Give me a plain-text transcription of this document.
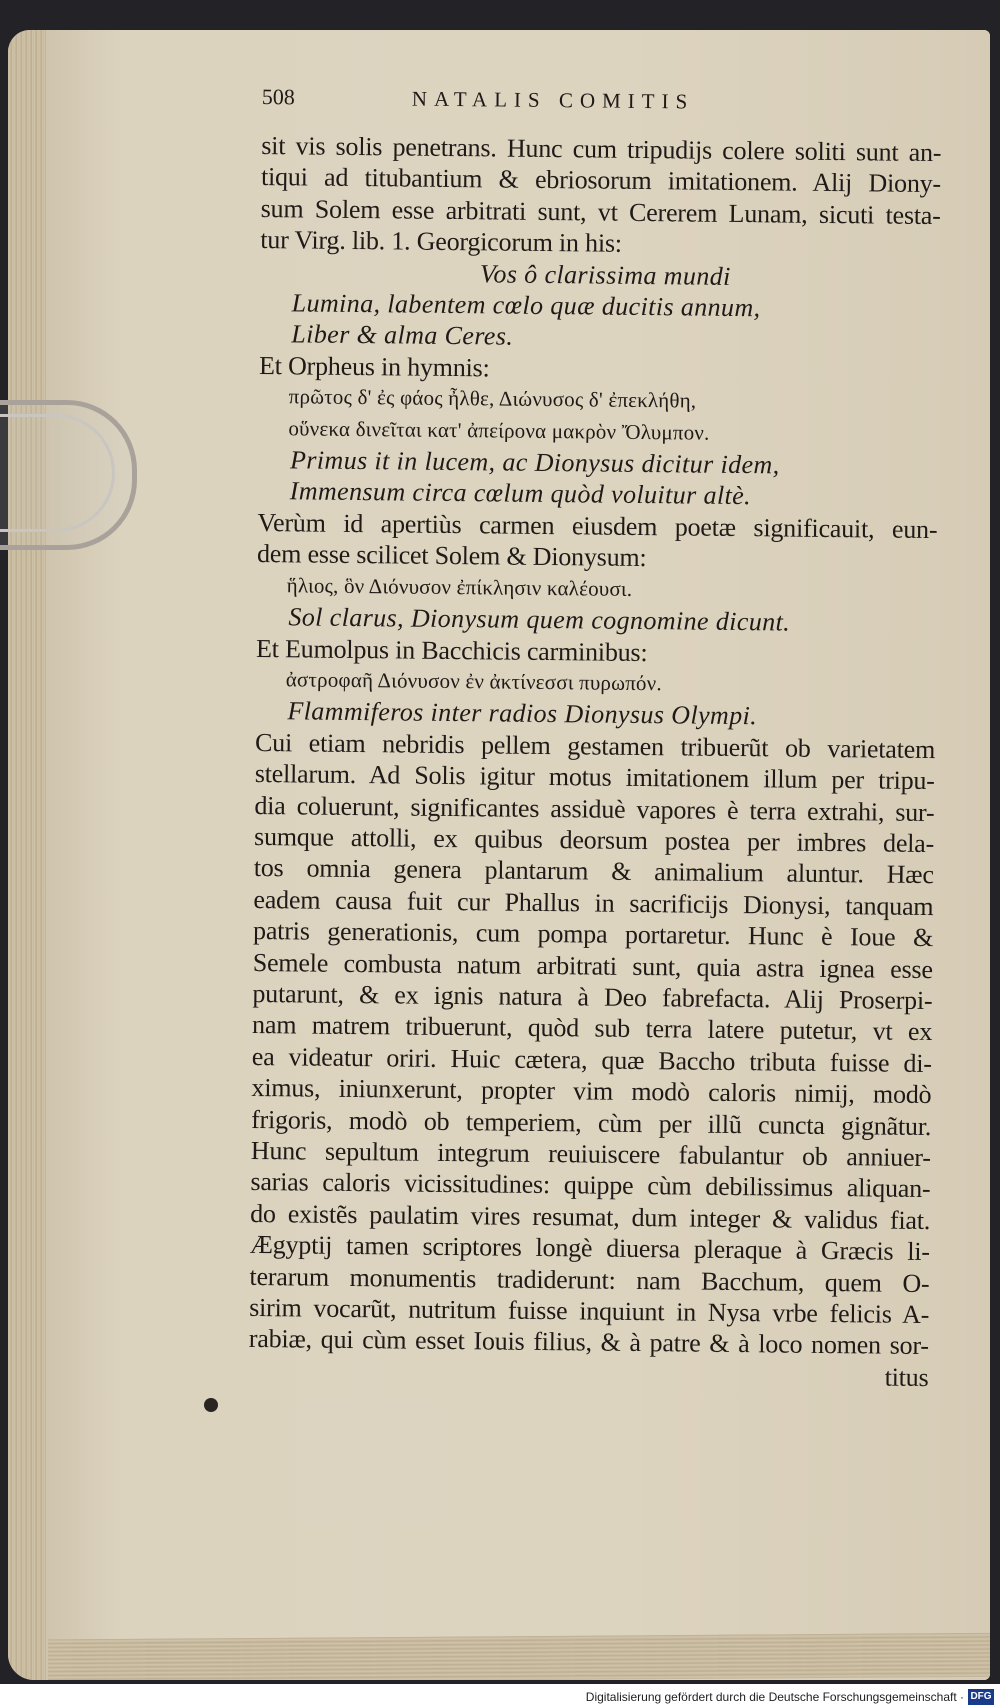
508	NATALIS COMITIS
sit vis solis penetrans. Hunc cum tripudijs colere soliti sunt an-
tiqui ad titubantium & ebriosorum imitationem. Alij Diony-
sum Solem esse arbitrati sunt, vt Cererem Lunam, sicuti testa-
tur Virg. lib. 1. Georgicorum in his:
Vos ô clarissima mundi
Lumina, labentem cœlo quæ ducitis annum,
Liber & alma Ceres.
Et Orpheus in hymnis:
πρῶτος δ' ἐς φάος ἦλθε, Διώνυσος δ' ἐπεκλήθη,
οὕνεκα δινεῖται κατ' ἀπείρονα μακρὸν Ὄλυμπον.
Primus it in lucem, ac Dionysus dicitur idem,
Immensum circa cœlum quòd voluitur altè.
Verùm id apertiùs carmen eiusdem poetæ significauit, eun-
dem esse scilicet Solem & Dionysum:
ἥλιος, ὃν Διόνυσον ἐπίκλησιν καλέουσι.
Sol clarus, Dionysum quem cognomine dicunt.
Et Eumolpus in Bacchicis carminibus:
ἀστροφαῆ Διόνυσον ἐν ἀκτίνεσσι πυρωπόν.
Flammiferos inter radios Dionysus Olympi.
Cui etiam nebridis pellem gestamen tribuerũt ob varietatem
stellarum. Ad Solis igitur motus imitationem illum per tripu-
dia coluerunt, significantes assiduè vapores è terra extrahi, sur-
sumque attolli, ex quibus deorsum postea per imbres dela-
tos omnia genera plantarum & animalium aluntur. Hæc
eadem causa fuit cur Phallus in sacrificijs Dionysi, tanquam
patris generationis, cum pompa portaretur. Hunc è Ioue &
Semele combusta natum arbitrati sunt, quia astra ignea esse
putarunt, & ex ignis natura à Deo fabrefacta. Alij Proserpi-
nam matrem tribuerunt, quòd sub terra latere putetur, vt ex
ea videatur oriri. Huic cætera, quæ Baccho tributa fuisse di-
ximus, iniunxerunt, propter vim modò caloris nimij, modò
frigoris, modò ob temperiem, cùm per illũ cuncta gignãtur.
Hunc sepultum integrum reuiuiscere fabulantur ob anniuer-
sarias caloris vicissitudines: quippe cùm debilissimus aliquan-
do existẽs paulatim vires resumat, dum integer & validus fiat.
Ægyptij tamen scriptores longè diuersa pleraque à Græcis li-
terarum monumentis tradiderunt: nam Bacchum, quem O-
sirim vocarũt, nutritum fuisse inquiunt in Nysa vrbe felicis A-
rabiæ, qui cùm esset Iouis filius, & à patre & à loco nomen sor-
titus
Digitalisierung gefördert durch die Deutsche Forschungsgemeinschaft · DFG
